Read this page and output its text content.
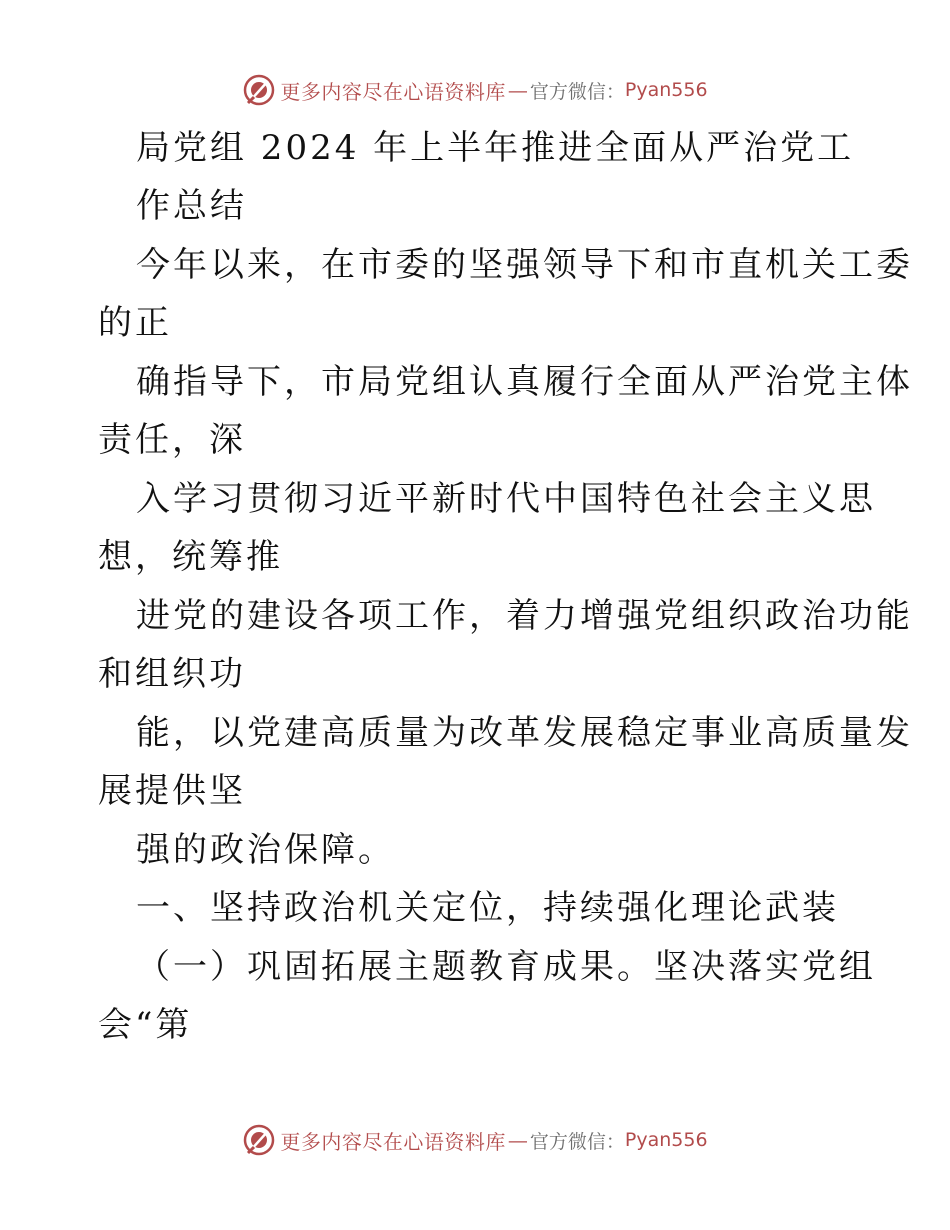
更多内容尽在心语资料库 — 官方微信： Pyan556
局党组 2024 年上半年推进全面从严治党工
作总结
今年以来，在市委的坚强领导下和市直机关工委
的正
确指导下，市局党组认真履行全面从严治党主体
责任，深
入学习贯彻习近平新时代中国特色社会主义思
想，统筹推
进党的建设各项工作，着力增强党组织政治功能
和组织功
能，以党建高质量为改革发展稳定事业高质量发
展提供坚
强的政治保障。
一、坚持政治机关定位，持续强化理论武装
（一）巩固拓展主题教育成果。坚决落实党组
会“第
更多内容尽在心语资料库 — 官方微信： Pyan556
